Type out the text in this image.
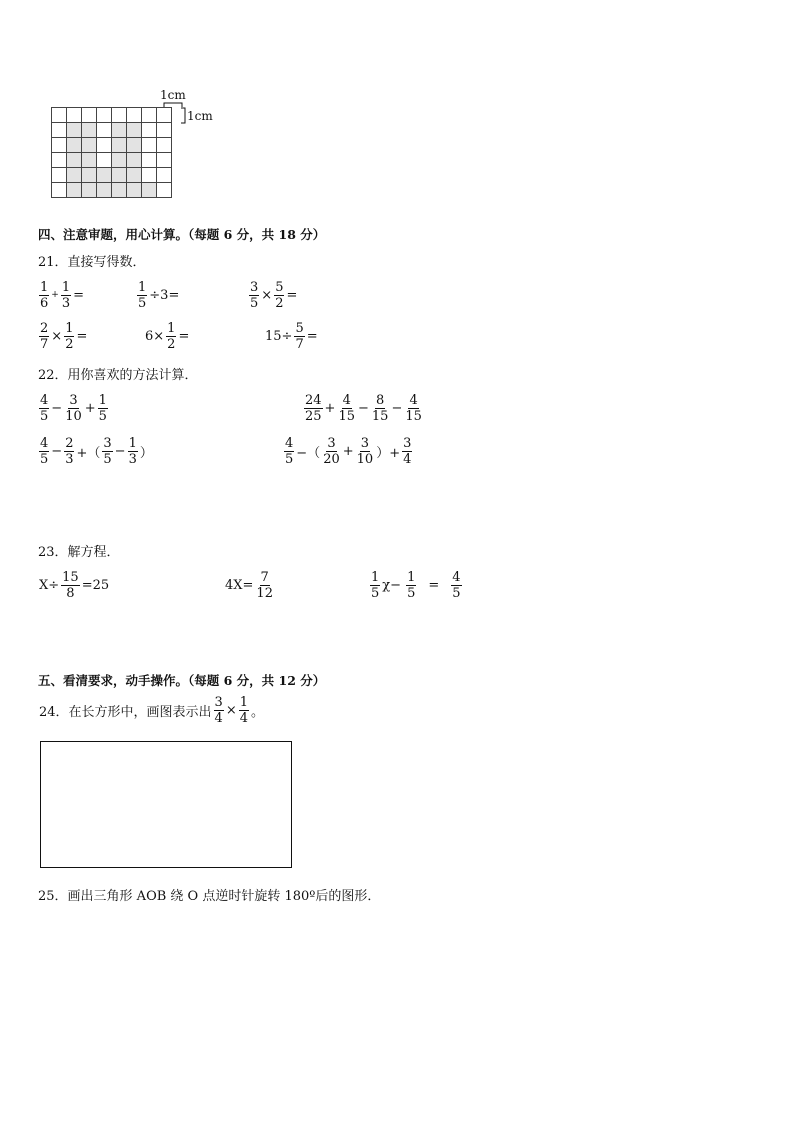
1cm
1cm
四、注意审题，用心计算。（每题 6 分，共 18 分）
21．直接写得数．
$\frac{1}{6} + \frac{1}{3}$ =	$\frac{1}{5} \div 3=$	$\frac{3}{5} \times \frac{5}{2}$ =
$\frac{2}{7} \times \frac{1}{2}$ =	$6\times \frac{1}{2}$ =	$15\div \frac{5}{7}$ =
22．用你喜欢的方法计算．
$\frac{4}{5} - \frac{3}{10} + \frac{1}{5}$	$\frac{24}{25} + \frac{4}{15} - \frac{8}{15} - \frac{4}{15}$
$\frac{4}{5} - \frac{2}{3}$ +（ $\frac{3}{5} - \frac{1}{3}$ ）	$\frac{4}{5}$ −（ $\frac{3}{20} + \frac{3}{10}$ ）+ $\frac{3}{4}$
23．解方程．
$X\div \frac{15}{8} =25$	$4X= \frac{7}{12}$	$\frac{1}{5} \chi- \frac{1}{5} = \frac{4}{5}$
五、看清要求，动手操作。（每题 6 分，共 12 分）
24．在长方形中，画图表示出 $\frac{3}{4} \times \frac{1}{4}$ 。
25．画出三角形 AOB 绕 O 点逆时针旋转 180º后的图形．
